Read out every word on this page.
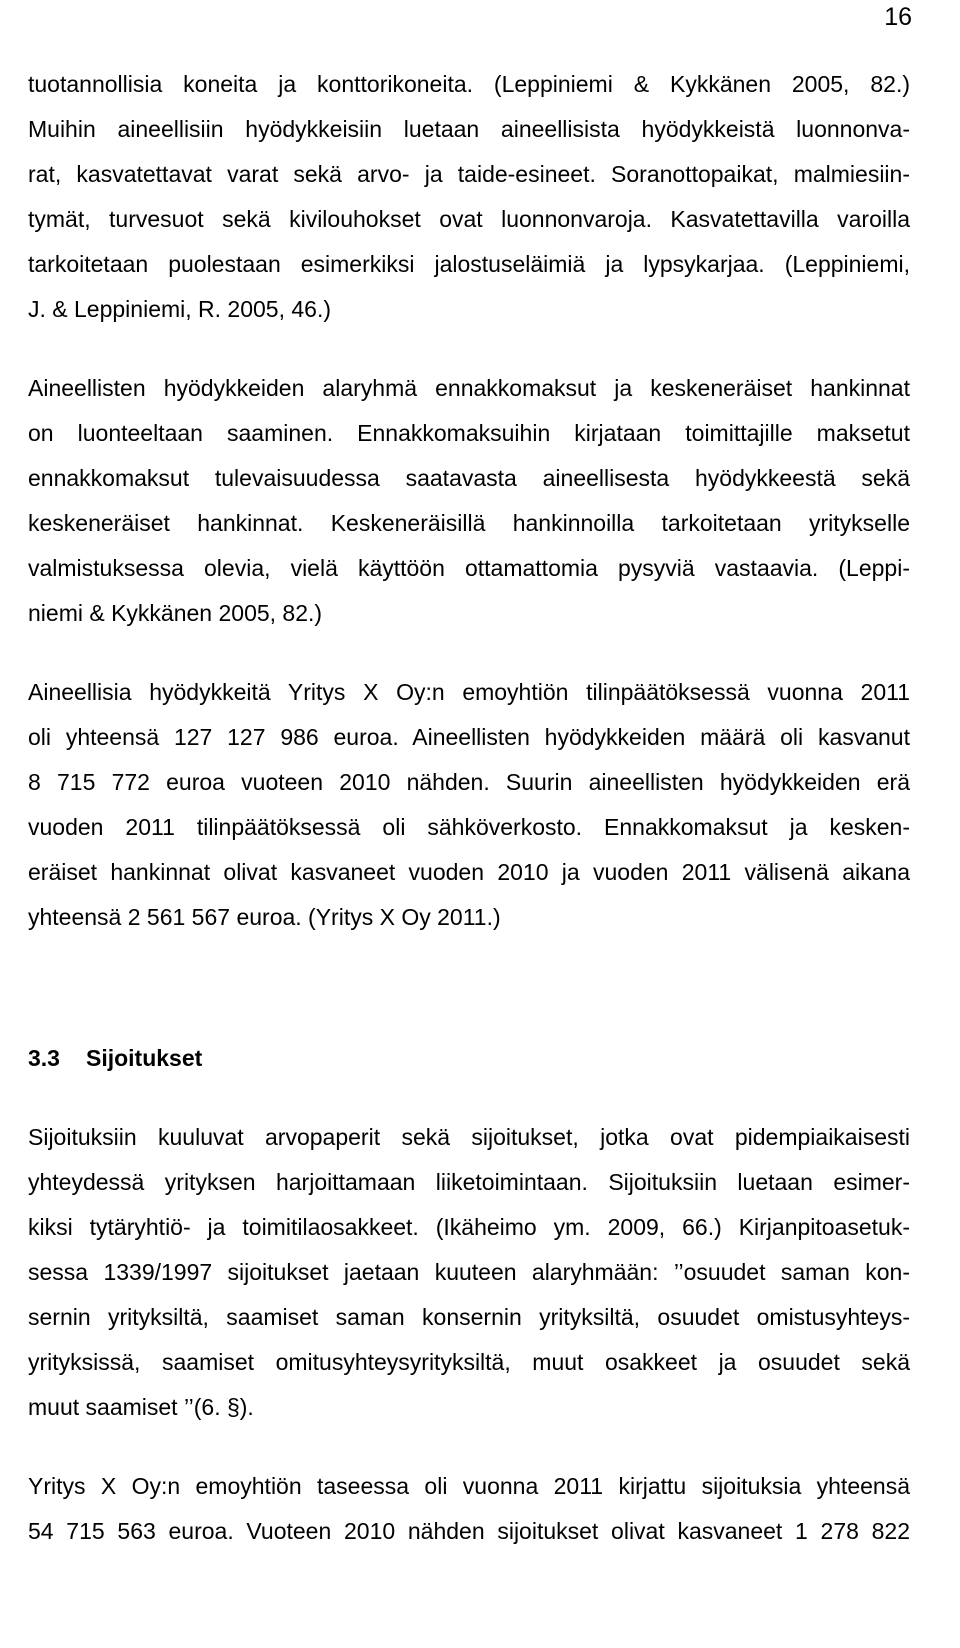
16

tuotannollisia koneita ja konttorikoneita. (Leppiniemi & Kykkänen 2005, 82.)
Muihin aineellisiin hyödykkeisiin luetaan aineellisista hyödykkeistä luonnonva-
rat, kasvatettavat varat sekä arvo- ja taide-esineet. Soranottopaikat, malmiesiin-
tymät, turvesuot sekä kivilouhokset ovat luonnonvaroja. Kasvatettavilla varoilla
tarkoitetaan puolestaan esimerkiksi jalostuseläimiä ja lypsykarjaa. (Leppiniemi,
J. & Leppiniemi, R. 2005, 46.)

Aineellisten hyödykkeiden alaryhmä ennakkomaksut ja keskeneräiset hankinnat
on luonteeltaan saaminen. Ennakkomaksuihin kirjataan toimittajille maksetut
ennakkomaksut tulevaisuudessa saatavasta aineellisesta hyödykkeestä sekä
keskeneräiset hankinnat. Keskeneräisillä hankinnoilla tarkoitetaan yritykselle
valmistuksessa olevia, vielä käyttöön ottamattomia pysyviä vastaavia. (Leppi-
niemi & Kykkänen 2005, 82.)

Aineellisia hyödykkeitä Yritys X Oy:n emoyhtiön tilinpäätöksessä vuonna 2011
oli yhteensä 127 127 986 euroa. Aineellisten hyödykkeiden määrä oli kasvanut
8 715 772 euroa vuoteen 2010 nähden. Suurin aineellisten hyödykkeiden erä
vuoden 2011 tilinpäätöksessä oli sähköverkosto. Ennakkomaksut ja kesken-
eräiset hankinnat olivat kasvaneet vuoden 2010 ja vuoden 2011 välisenä aikana
yhteensä 2 561 567 euroa. (Yritys X Oy 2011.)

3.3 Sijoitukset

Sijoituksiin kuuluvat arvopaperit sekä sijoitukset, jotka ovat pidempiaikaisesti
yhteydessä yrityksen harjoittamaan liiketoimintaan. Sijoituksiin luetaan esimer-
kiksi tytäryhtiö- ja toimitilaosakkeet. (Ikäheimo ym. 2009, 66.) Kirjanpitoasetuk-
sessa 1339/1997 sijoitukset jaetaan kuuteen alaryhmään: ’’osuudet saman kon-
sernin yrityksiltä, saamiset saman konsernin yrityksiltä, osuudet omistusyhteys-
yrityksissä, saamiset omitusyhteysyrityksiltä, muut osakkeet ja osuudet sekä
muut saamiset ’’(6. §).

Yritys X Oy:n emoyhtiön taseessa oli vuonna 2011 kirjattu sijoituksia yhteensä
54 715 563 euroa. Vuoteen 2010 nähden sijoitukset olivat kasvaneet 1 278 822
